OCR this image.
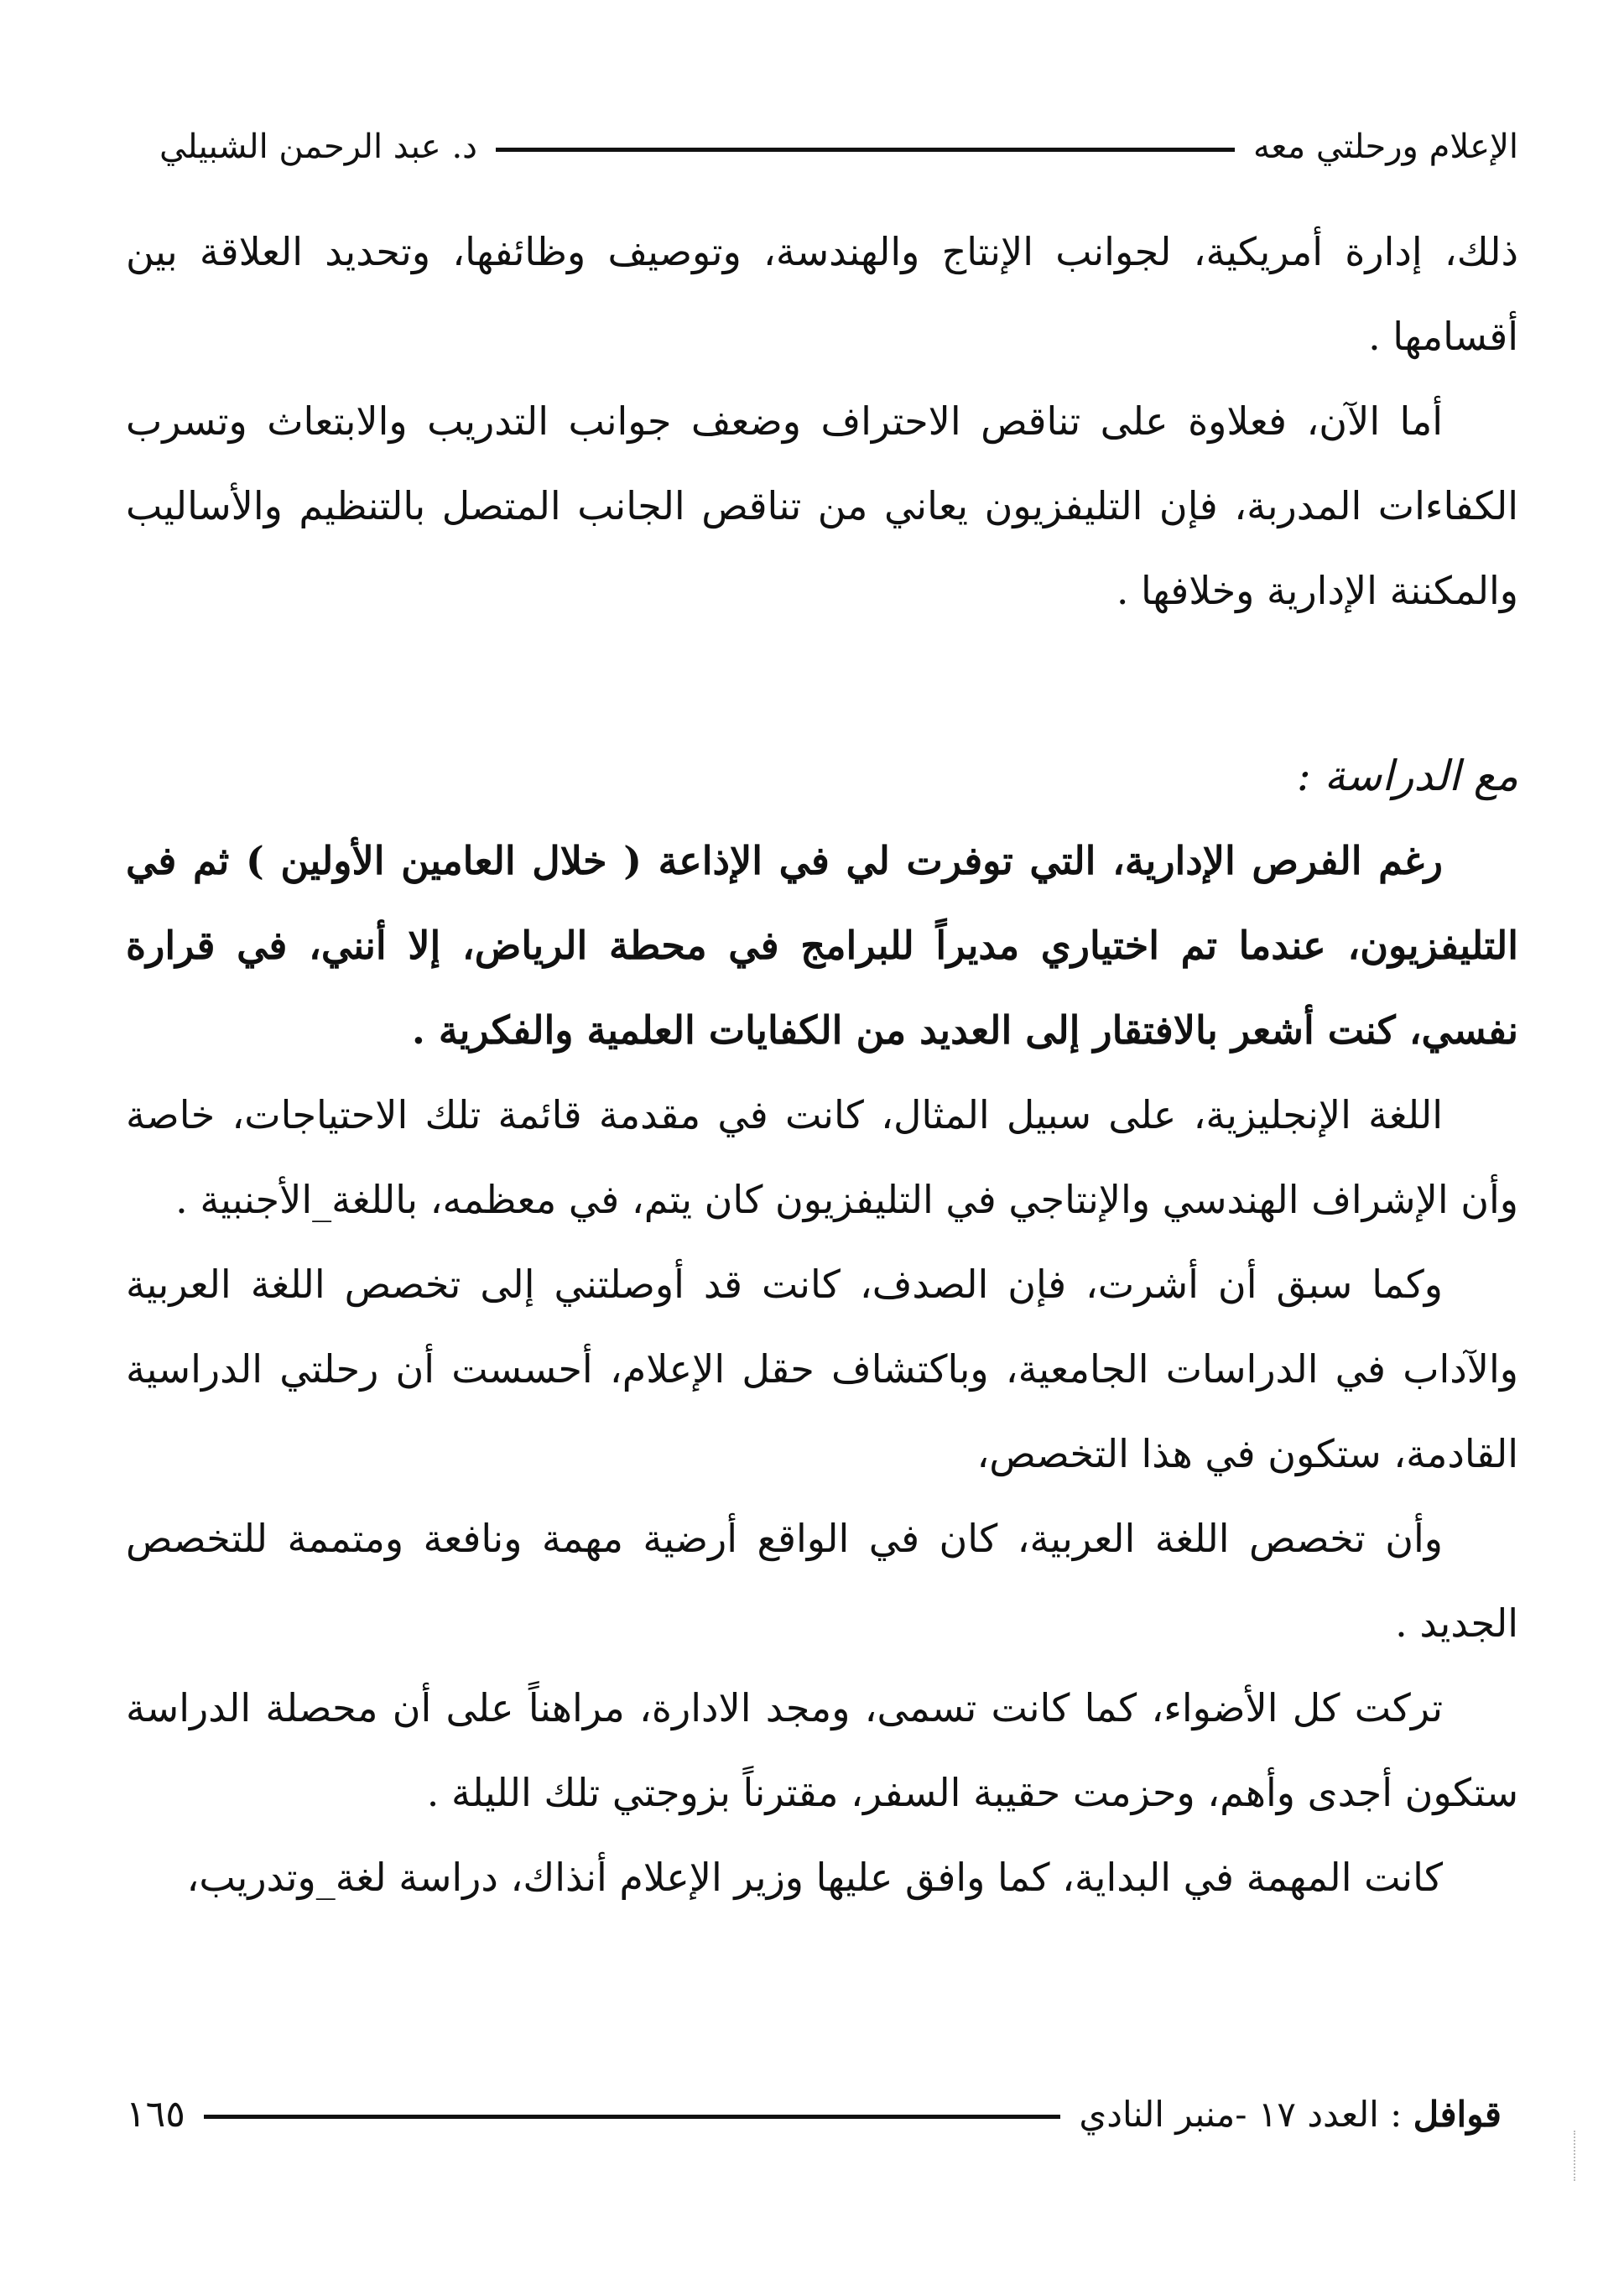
الإعلام ورحلتي معه
د. عبد الرحمن الشبيلي

ذلك، إدارة أمريكية، لجوانب الإنتاج والهندسة، وتوصيف وظائفها، وتحديد العلاقة بين أقسامها .

أما الآن، فعلاوة على تناقص الاحتراف وضعف جوانب التدريب والابتعاث وتسرب الكفاءات المدربة، فإن التليفزيون يعاني من تناقص الجانب المتصل بالتنظيم والأساليب والمكننة الإدارية وخلافها .

مع الدراسة :

رغم الفرص الإدارية، التي توفرت لي في الإذاعة ( خلال العامين الأولين ) ثم في التليفزيون، عندما تم اختياري مديراً للبرامج في محطة الرياض، إلا أنني، في قرارة نفسي، كنت أشعر بالافتقار إلى العديد من الكفايات العلمية والفكرية .

اللغة الإنجليزية، على سبيل المثال، كانت في مقدمة قائمة تلك الاحتياجات، خاصة وأن الإشراف الهندسي والإنتاجي في التليفزيون كان يتم، في معظمه، باللغة_الأجنبية .

وكما سبق أن أشرت، فإن الصدف، كانت قد أوصلتني إلى تخصص اللغة العربية والآداب في الدراسات الجامعية، وباكتشاف حقل الإعلام، أحسست أن رحلتي الدراسية القادمة، ستكون في هذا التخصص،

وأن تخصص اللغة العربية، كان في الواقع أرضية مهمة ونافعة ومتممة للتخصص الجديد .

تركت كل الأضواء، كما كانت تسمى، ومجد الادارة، مراهناً على أن محصلة الدراسة ستكون أجدى وأهم، وحزمت حقيبة السفر، مقترناً بزوجتي تلك الليلة .

كانت المهمة في البداية، كما وافق عليها وزير الإعلام أنذاك، دراسة لغة_وتدريب،

قوافل : العدد ١٧ -منبر النادي
١٦٥
